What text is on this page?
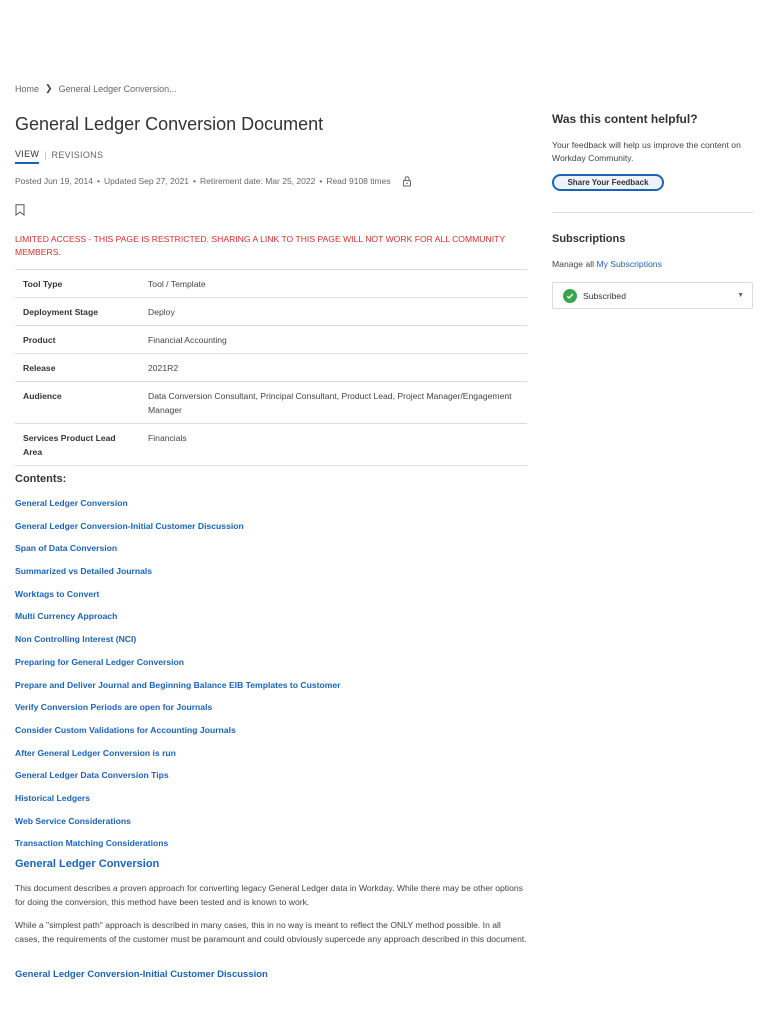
Home ❯ General Ledger Conversion...
General Ledger Conversion Document
VIEW | REVISIONS
Posted Jun 19, 2014 • Updated Sep 27, 2021 • Retirement date: Mar 25, 2022 • Read 9108 times
LIMITED ACCESS - THIS PAGE IS RESTRICTED. SHARING A LINK TO THIS PAGE WILL NOT WORK FOR ALL COMMUNITY MEMBERS.
Tool Type	Tool / Template
Deployment Stage	Deploy
Product	Financial Accounting
Release	2021R2
Audience	Data Conversion Consultant, Principal Consultant, Product Lead, Project Manager/Engagement Manager
Services Product Lead Area	Financials
Contents:
General Ledger Conversion
General Ledger Conversion-Initial Customer Discussion
Span of Data Conversion
Summarized vs Detailed Journals
Worktags to Convert
Multi Currency Approach
Non Controlling Interest (NCI)
Preparing for General Ledger Conversion
Prepare and Deliver Journal and Beginning Balance EIB Templates to Customer
Verify Conversion Periods are open for Journals
Consider Custom Validations for Accounting Journals
After General Ledger Conversion is run
General Ledger Data Conversion Tips
Historical Ledgers
Web Service Considerations
Transaction Matching Considerations
General Ledger Conversion

This document describes a proven approach for converting legacy General Ledger data in Workday. While there may be other options for doing the conversion, this method have been tested and is known to work.

While a "simplest path" approach is described in many cases, this in no way is meant to reflect the ONLY method possible. In all cases, the requirements of the customer must be paramount and could obviously supercede any approach described in this document.

General Ledger Conversion-Initial Customer Discussion
Was this content helpful?
Your feedback will help us improve the content on Workday Community.
Share Your Feedback
Subscriptions
Manage all My Subscriptions
Subscribed	▼
